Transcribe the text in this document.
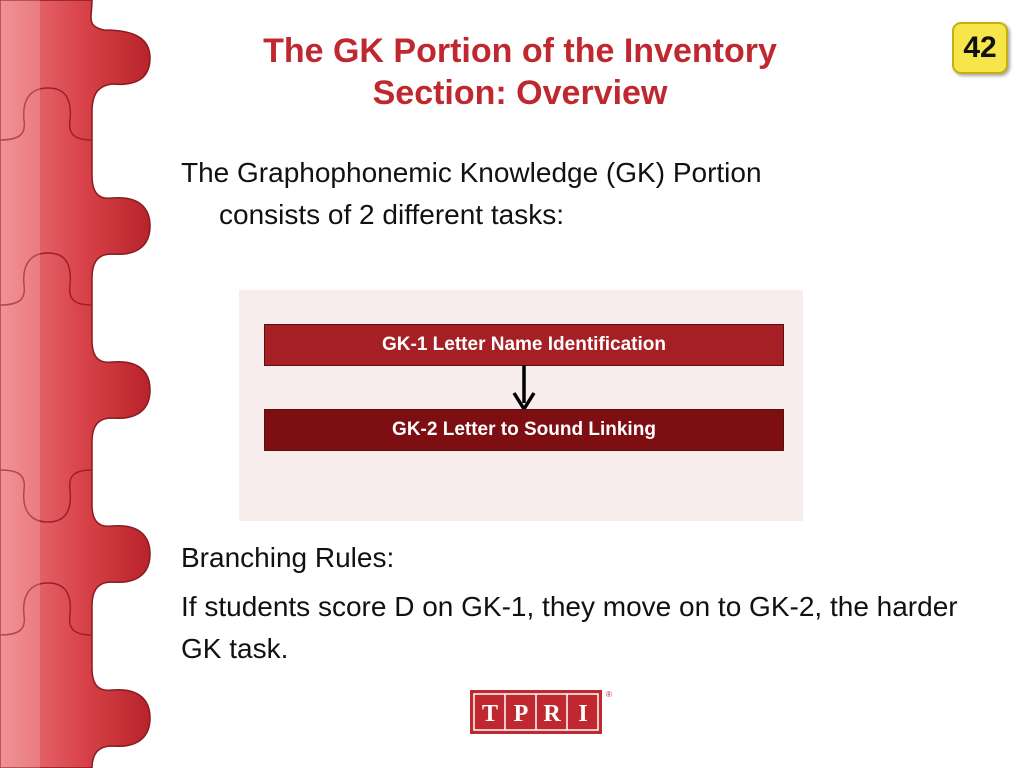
The GK Portion of the Inventory
Section: Overview
42
The Graphophonemic Knowledge (GK) Portion
consists of 2 different tasks:
GK-1 Letter Name Identification
GK-2 Letter to Sound Linking
Branching Rules:
If students score D on GK-1, they move on to GK-2, the harder GK task.
T P R I
®
